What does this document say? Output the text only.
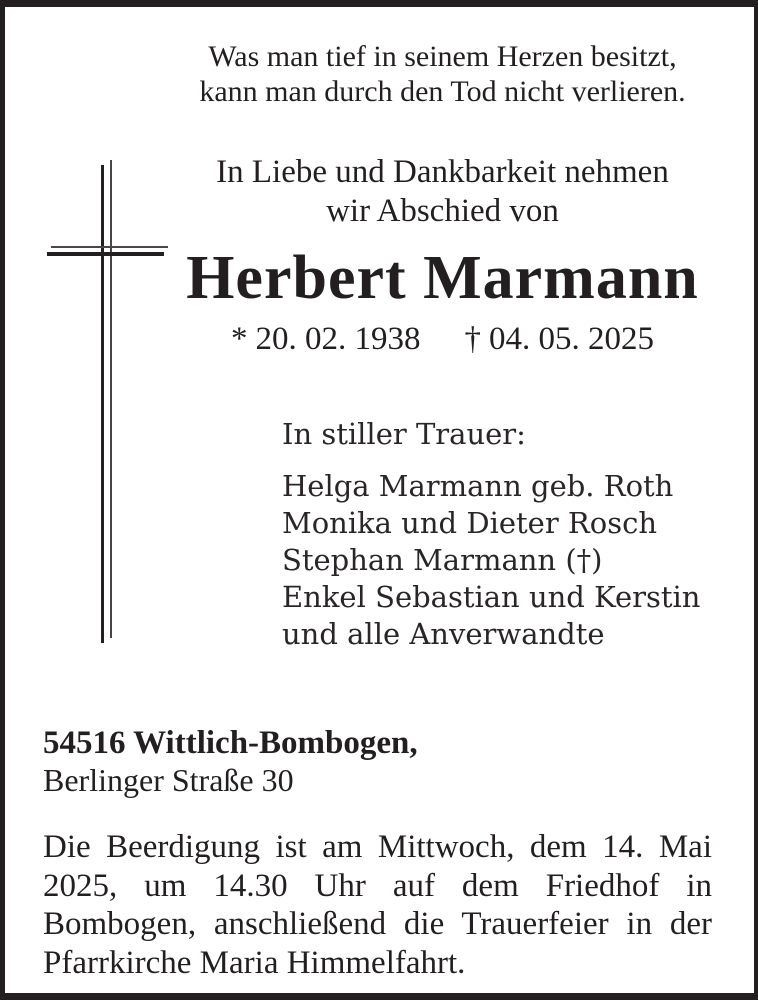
Was man tief in seinem Herzen besitzt,
kann man durch den Tod nicht verlieren.
In Liebe und Dankbarkeit nehmen
wir Abschied von
Herbert Marmann
* 20. 02. 1938 † 04. 05. 2025
In stiller Trauer:
Helga Marmann geb. Roth
Monika und Dieter Rosch
Stephan Marmann (†)
Enkel Sebastian und Kerstin
und alle Anverwandte
54516 Wittlich-Bombogen,
Berlinger Straße 30

Die Beerdigung ist am Mittwoch, dem 14. Mai 2025, um 14.30 Uhr auf dem Friedhof in Bombogen, anschließend die Trauerfeier in der Pfarrkirche Maria Himmelfahrt.
